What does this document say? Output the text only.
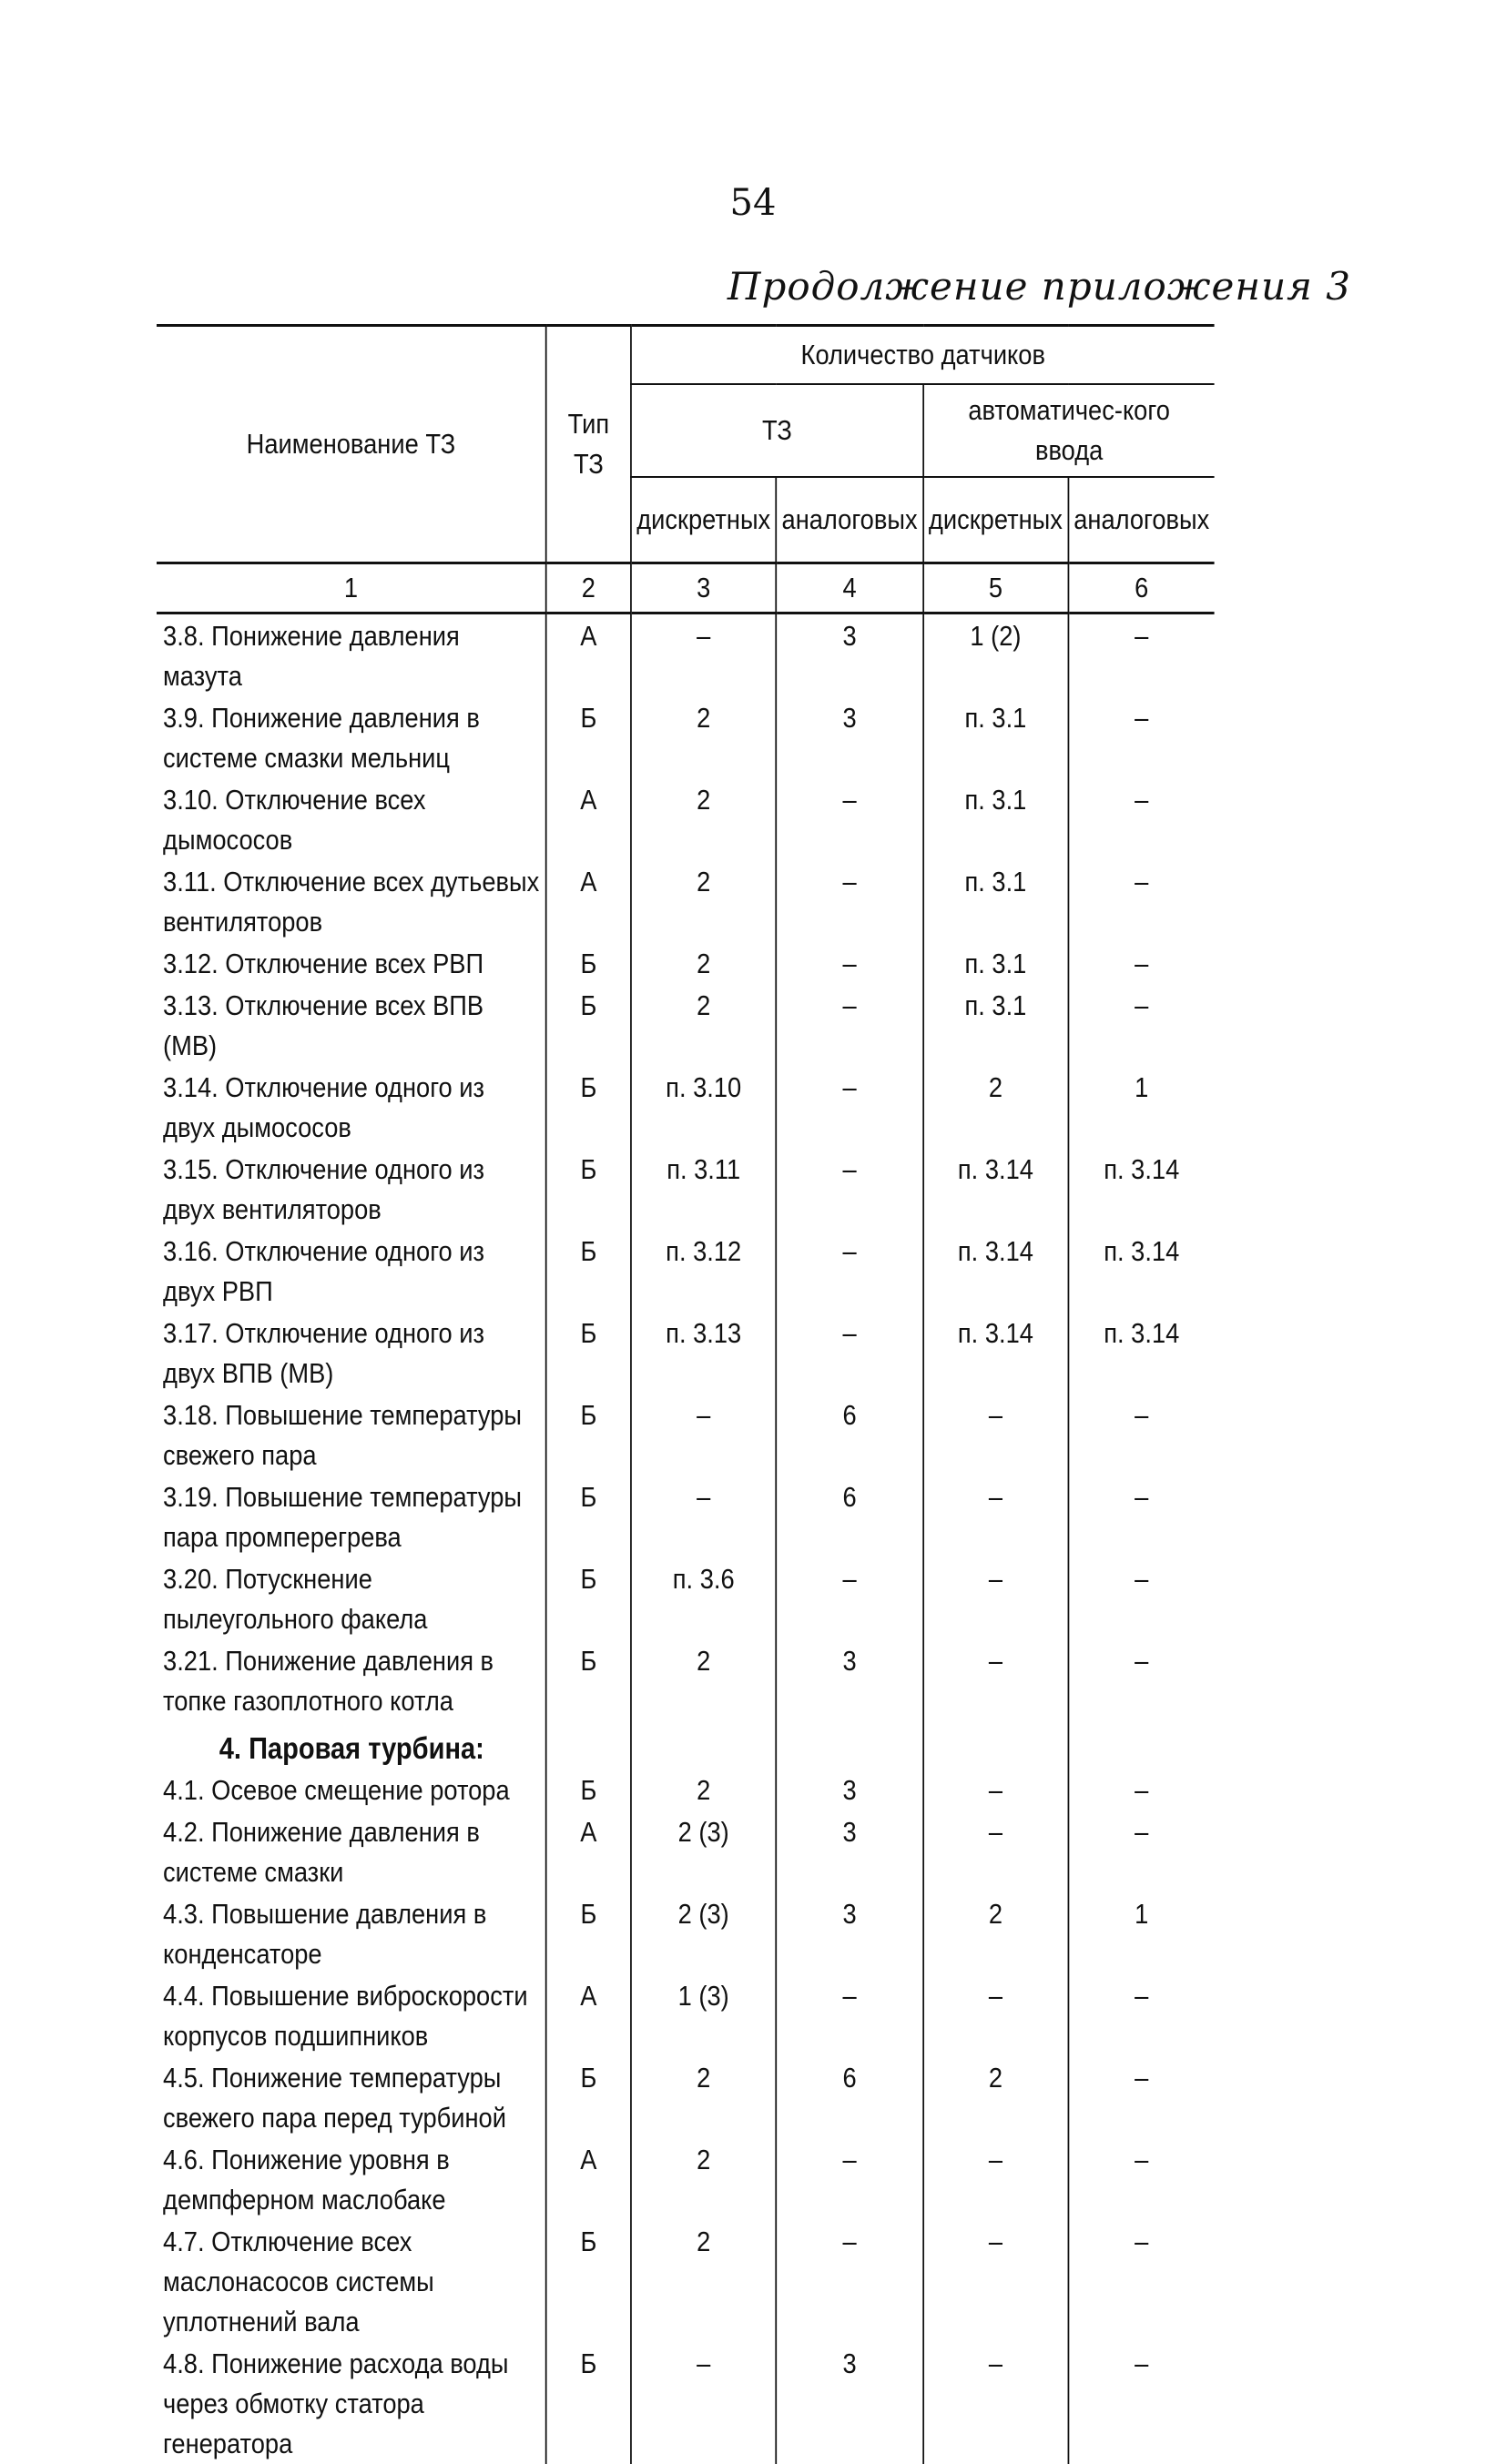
54
Продолжение приложения 3
Наименование ТЗ	Тип ТЗ	Количество датчиков			
		ТЗ		автоматичес-кого ввода	
		дискретных	аналоговых	дискретных	аналоговых
1	2	3	4	5	6
3.8. Понижение давления мазута	А	–	3	1 (2)	–
3.9. Понижение давления в системе смазки мельниц	Б	2	3	п. 3.1	–
3.10. Отключение всех дымососов	А	2	–	п. 3.1	–
3.11. Отключение всех дутьевых вентиляторов	А	2	–	п. 3.1	–
3.12. Отключение всех РВП	Б	2	–	п. 3.1	–
3.13. Отключение всех ВПВ (МВ)	Б	2	–	п. 3.1	–
3.14. Отключение одного из двух дымососов	Б	п. 3.10	–	2	1
3.15. Отключение одного из двух вентиляторов	Б	п. 3.11	–	п. 3.14	п. 3.14
3.16. Отключение одного из двух РВП	Б	п. 3.12	–	п. 3.14	п. 3.14
3.17. Отключение одного из двух ВПВ (МВ)	Б	п. 3.13	–	п. 3.14	п. 3.14
3.18. Повышение температуры свежего пара	Б	–	6	–	–
3.19. Повышение температуры пара промперегрева	Б	–	6	–	–
3.20. Потускнение пылеугольного факела	Б	п. 3.6	–	–	–
3.21. Понижение давления в топке газоплотного котла	Б	2	3	–	–
4. Паровая турбина:					
4.1. Осевое смещение ротора	Б	2	3	–	–
4.2. Понижение давления в системе смазки	А	2 (3)	3	–	–
4.3. Повышение давления в конденсаторе	Б	2 (3)	3	2	1
4.4. Повышение виброскорости корпусов подшипников	А	1 (3)	–	–	–
4.5. Понижение температуры свежего пара перед турбиной	Б	2	6	2	–
4.6. Понижение уровня в демпферном маслобаке	А	2	–	–	–
4.7. Отключение всех маслонасосов системы уплотнений вала	Б	2	–	–	–
4.8. Понижение расхода воды через обмотку статора генератора	Б	–	3	–	–
